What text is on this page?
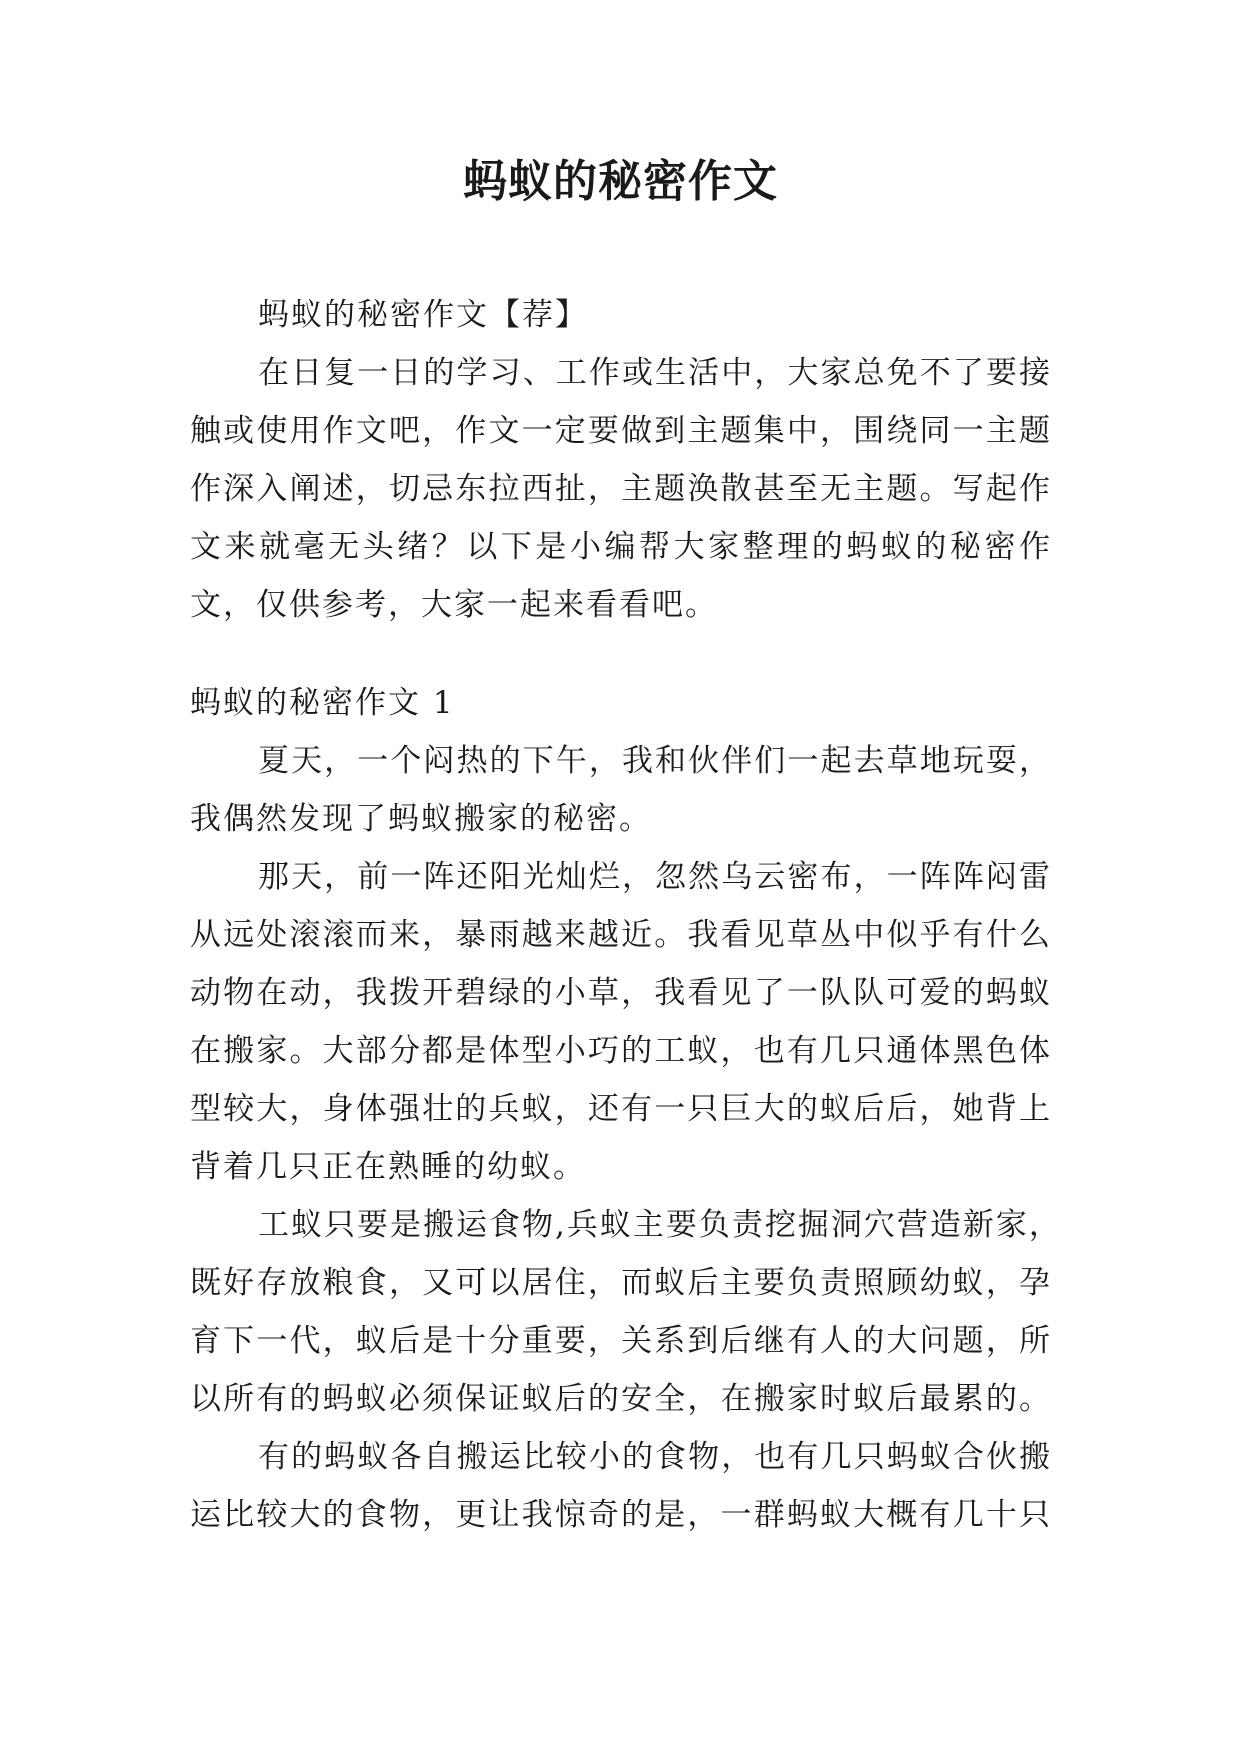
蚂蚁的秘密作文
蚂蚁的秘密作文【荐】
在日复一日的学习、工作或生活中，大家总免不了要接
触或使用作文吧，作文一定要做到主题集中，围绕同一主题
作深入阐述，切忌东拉西扯，主题涣散甚至无主题。写起作
文来就毫无头绪？以下是小编帮大家整理的蚂蚁的秘密作
文，仅供参考，大家一起来看看吧。
蚂蚁的秘密作文 1
夏天，一个闷热的下午，我和伙伴们一起去草地玩耍，
我偶然发现了蚂蚁搬家的秘密。
那天，前一阵还阳光灿烂，忽然乌云密布，一阵阵闷雷
从远处滚滚而来，暴雨越来越近。我看见草丛中似乎有什么
动物在动，我拨开碧绿的小草，我看见了一队队可爱的蚂蚁
在搬家。大部分都是体型小巧的工蚁，也有几只通体黑色体
型较大，身体强壮的兵蚁，还有一只巨大的蚁后后，她背上
背着几只正在熟睡的幼蚁。
工蚁只要是搬运食物,兵蚁主要负责挖掘洞穴营造新家，
既好存放粮食，又可以居住，而蚁后主要负责照顾幼蚁，孕
育下一代，蚁后是十分重要，关系到后继有人的大问题，所
以所有的蚂蚁必须保证蚁后的安全，在搬家时蚁后最累的。
有的蚂蚁各自搬运比较小的食物，也有几只蚂蚁合伙搬
运比较大的食物，更让我惊奇的是，一群蚂蚁大概有几十只
